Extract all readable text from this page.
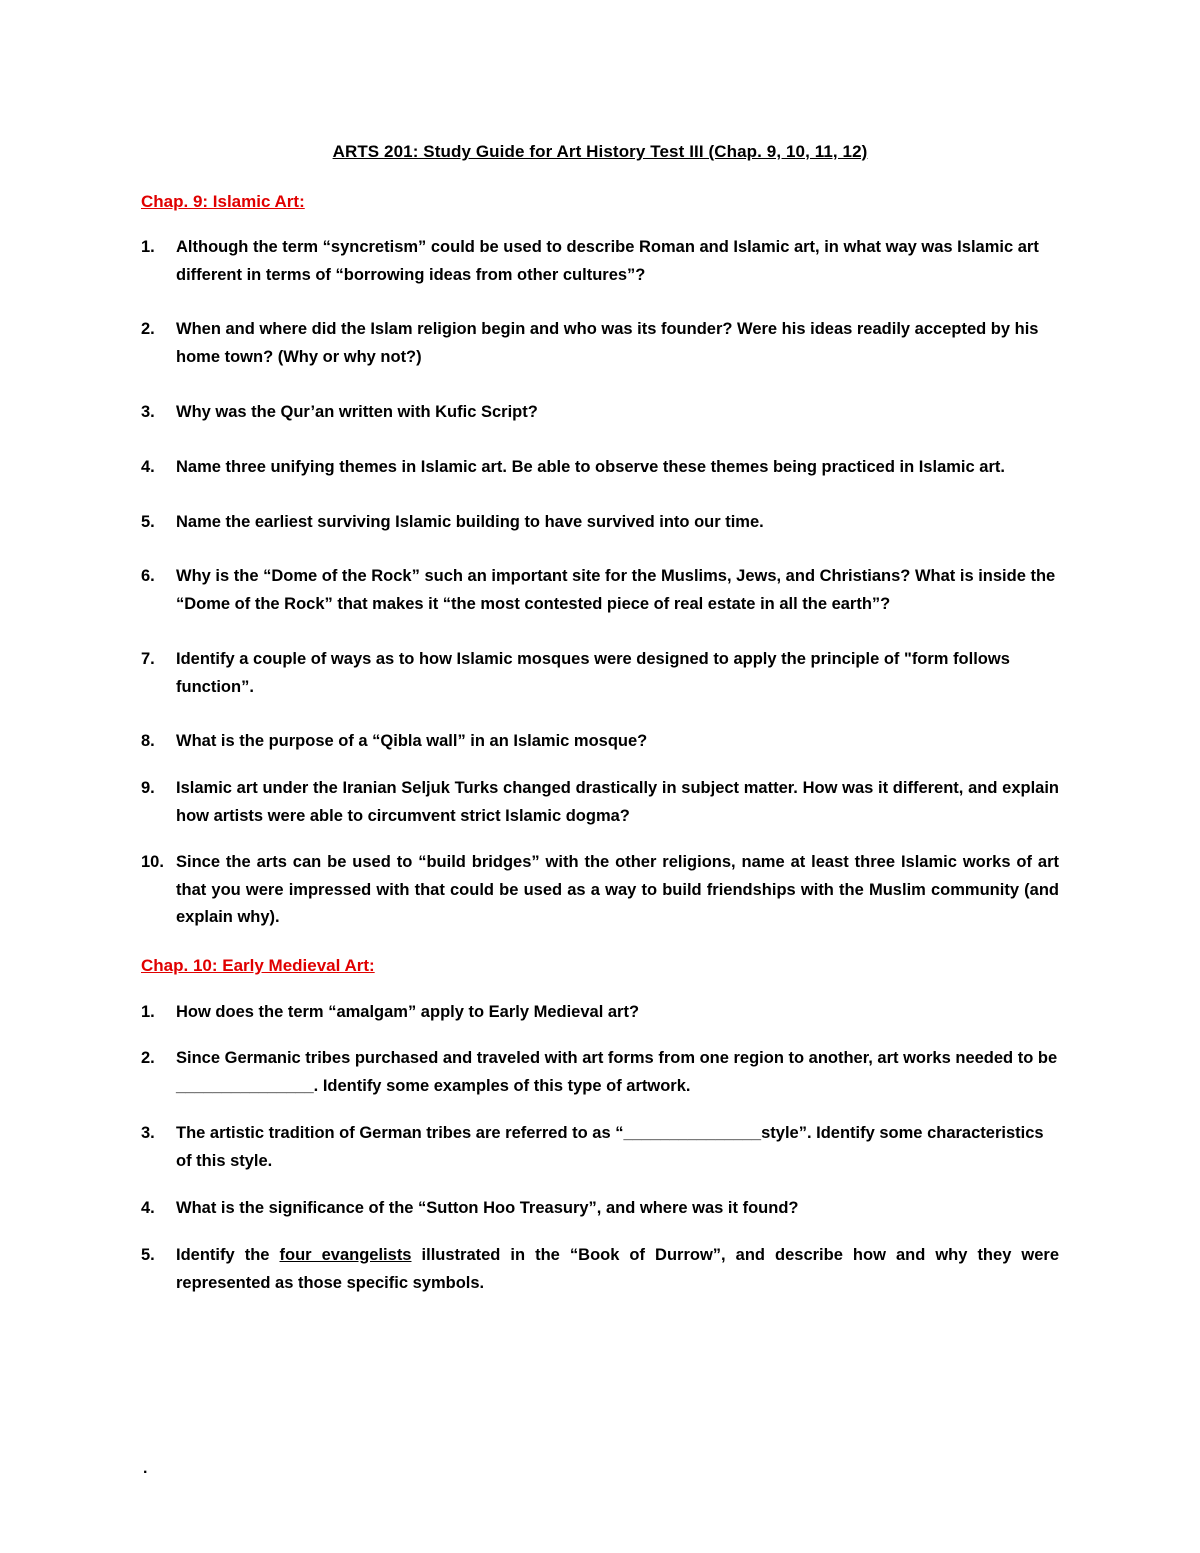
ARTS 201: Study Guide for Art History Test III (Chap. 9, 10, 11, 12)
Chap. 9: Islamic Art:
1.	Although the term “syncretism” could be used to describe Roman and Islamic art, in what way was Islamic art different in terms of “borrowing ideas from other cultures”?
2.	When and where did the Islam religion begin and who was its founder? Were his ideas readily accepted by his home town? (Why or why not?)
3.	Why was the Qur’an written with Kufic Script?
4.	Name three unifying themes in Islamic art. Be able to observe these themes being practiced in Islamic art.
5.	Name the earliest surviving Islamic building to have survived into our time.
6.	Why is the “Dome of the Rock” such an important site for the Muslims, Jews, and Christians? What is inside the “Dome of the Rock” that makes it “the most contested piece of real estate in all the earth”?
7.	Identify a couple of ways as to how Islamic mosques were designed to apply the principle of "form follows function”.
8.	What is the purpose of a “Qibla wall” in an Islamic mosque?
9.	Islamic art under the Iranian Seljuk Turks changed drastically in subject matter. How was it different, and explain how artists were able to circumvent strict Islamic dogma?
10. Since the arts can be used to “build bridges” with the other religions, name at least three Islamic works of art that you were impressed with that could be used as a way to build friendships with the Muslim community (and explain why).
Chap. 10: Early Medieval Art:
1.	How does the term “amalgam” apply to Early Medieval art?
2.	Since Germanic tribes purchased and traveled with art forms from one region to another, art works needed to be _______________. Identify some examples of this type of artwork.
3.	The artistic tradition of German tribes are referred to as “_______________style”. Identify some characteristics of this style.
4.	What is the significance of the “Sutton Hoo Treasury”, and where was it found?
5.	Identify the four evangelists illustrated in the “Book of Durrow”, and describe how and why they were represented as those specific symbols.
.
